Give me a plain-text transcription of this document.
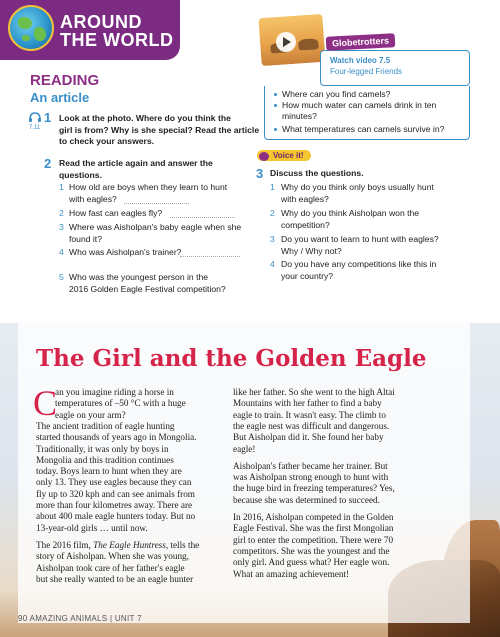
AROUND
THE WORLD
READING
An article
7.11
1 Look at the photo. Where do you think the
girl is from? Why is she special? Read the article
to check your answers.
2 Read the article again and answer the
questions.
1 How old are boys when they learn to hunt
with eagles?
2 How fast can eagles fly?
3 Where was Aisholpan's baby eagle when she
found it?
4 Who was Aisholpan's trainer?
5 Who was the youngest person in the
2016 Golden Eagle Festival competition?
Globetrotters
Watch video 7.5
Four-legged Friends
Where can you find camels?
How much water can camels drink in ten
minutes?
What temperatures can camels survive in?
Voice it!
3 Discuss the questions.
1 Why do you think only boys usually hunt
with eagles?
2 Why do you think Aisholpan won the
competition?
3 Do you want to learn to hunt with eagles?
Why / Why not?
4 Do you have any competitions like this in
your country?
The Girl and the Golden Eagle
C
90 AMAZING ANIMALS | UNIT 7
an you imagine riding a horse in
temperatures of –50 °C with a huge
eagle on your arm?
The ancient tradition of eagle hunting
started thousands of years ago in Mongolia.
Traditionally, it was only by boys in
Mongolia and this tradition continues
today. Boys learn to hunt when they are
only 13. They use eagles because they can
fly up to 320 kph and can see animals from
more than four kilometres away. There are
about 400 male eagle hunters today. But no
13-year-old girls … until now.
The 2016 film, The Eagle Huntress, tells the
story of Aisholpan. When she was young,
Aisholpan took care of her father's eagle
but she really wanted to be an eagle hunter
like her father. So she went to the high Altai
Mountains with her father to find a baby
eagle to train. It wasn't easy. The climb to
the eagle nest was difficult and dangerous.
But Aisholpan did it. She found her baby
eagle!
Aisholpan's father became her trainer. But
was Aisholpan strong enough to hunt with
the huge bird in freezing temperatures? Yes,
because she was determined to succeed.
In 2016, Aisholpan competed in the Golden
Eagle Festival. She was the first Mongolian
girl to enter the competition. There were 70
competitors. She was the youngest and the
only girl. And guess what? Her eagle won.
What an amazing achievement!
